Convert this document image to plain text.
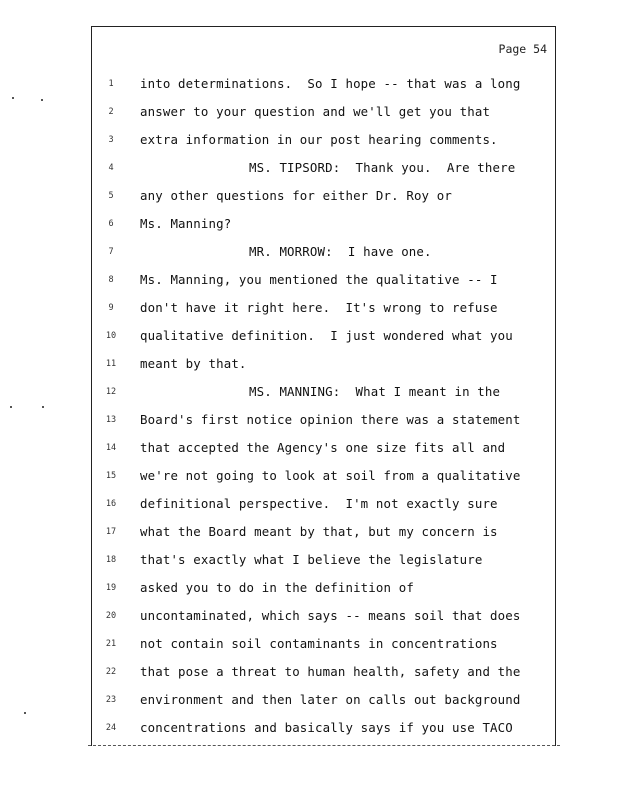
Page 54
1	into determinations.  So I hope -- that was a long
2	answer to your question and we'll get you that
3	extra information in our post hearing comments.
4	MS. TIPSORD:  Thank you.  Are there
5	any other questions for either Dr. Roy or
6	Ms. Manning?
7	MR. MORROW:  I have one.
8	Ms. Manning, you mentioned the qualitative -- I
9	don't have it right here.  It's wrong to refuse
10 qualitative definition.  I just wondered what you
11 meant by that.
12	MS. MANNING:  What I meant in the
13 Board's first notice opinion there was a statement
14 that accepted the Agency's one size fits all and
15 we're not going to look at soil from a qualitative
16 definitional perspective.  I'm not exactly sure
17 what the Board meant by that, but my concern is
18 that's exactly what I believe the legislature
19 asked you to do in the definition of
20 uncontaminated, which says -- means soil that does
21 not contain soil contaminants in concentrations
22 that pose a threat to human health, safety and the
23 environment and then later on calls out background
24 concentrations and basically says if you use TACO
